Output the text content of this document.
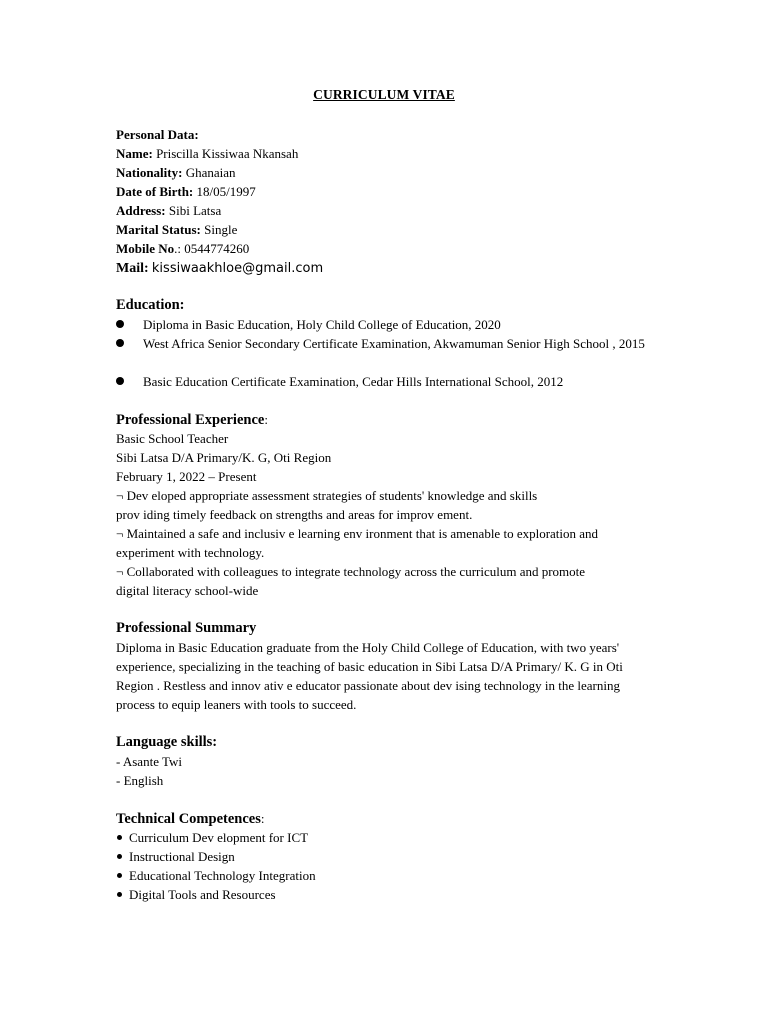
CURRICULUM VITAE
Personal Data:
Name: Priscilla Kissiwaa Nkansah
Nationality: Ghanaian
Date of Birth: 18/05/1997
Address: Sibi Latsa
Marital Status: Single
Mobile No.: 0544774260
Mail: kissiwaakhloe@gmail.com
Education:
Diploma in Basic Education, Holy Child College of Education, 2020
West Africa Senior Secondary Certificate Examination, Akwamuman Senior High School , 2015
Basic Education Certificate Examination, Cedar Hills International School, 2012
Professional Experience:
Basic School Teacher
Sibi Latsa D/A Primary/K. G, Oti Region
February 1, 2022 – Present
¬ Dev eloped appropriate assessment strategies of students' knowledge and skills
prov iding timely feedback on strengths and areas for improv ement.
¬ Maintained a safe and inclusiv e learning env ironment that is amenable to exploration and
experiment with technology.
¬ Collaborated with colleagues to integrate technology across the curriculum and promote
digital literacy school-wide
Professional Summary
Diploma in Basic Education graduate from the Holy Child College of Education, with two years'
experience, specializing in the teaching of basic education in Sibi Latsa D/A Primary/ K. G in Oti
Region . Restless and innov ativ e educator passionate about dev ising technology in the learning
process to equip leaners with tools to succeed.
Language skills:
- Asante Twi
- English
Technical Competences:
Curriculum Dev elopment for ICT
Instructional Design
Educational Technology Integration
Digital Tools and Resources
